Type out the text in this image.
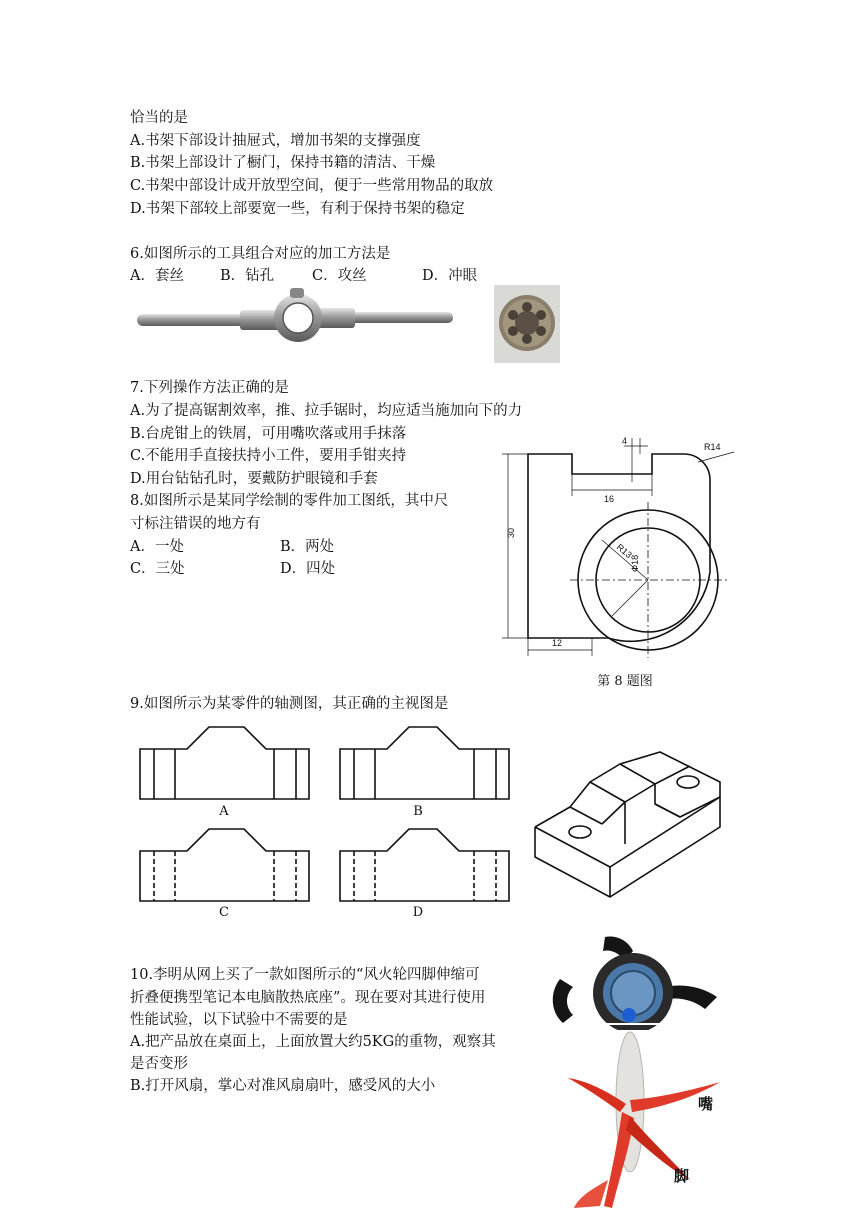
恰当的是
A.书架下部设计抽屉式，增加书架的支撑强度
B.书架上部设计了橱门，保持书籍的清洁、干燥
C.书架中部设计成开放型空间，便于一些常用物品的取放
D.书架下部较上部要宽一些，有利于保持书架的稳定
6.如图所示的工具组合对应的加工方法是
A．套丝 B．钻孔	C．攻丝	D．冲眼
7.下列操作方法正确的是
A.为了提高锯割效率，推、拉手锯时，均应适当施加向下的力
B.台虎钳上的铁屑，可用嘴吹落或用手抹落
C.不能用手直接扶持小工件，要用手钳夹持
D.用台钻钻孔时，要戴防护眼镜和手套
8.如图所示是某同学绘制的零件加工图纸，其中尺
寸标注错误的地方有
A．一处	B．两处
C．三处	D．四处
R14
4
16
30
R13
Φ18
12
第 8 题图
9.如图所示为某零件的轴测图，其正确的主视图是
A	B
C	D
10.李明从网上买了一款如图所示的“风火轮四脚伸缩可
折叠便携型笔记本电脑散热底座”。现在要对其进行使用
性能试验，以下试验中不需要的是
A.把产品放在桌面上，上面放置大约5KG的重物，观察其
是否变形
B.打开风扇，掌心对准风扇扇叶，感受风的大小
嘴
脚
